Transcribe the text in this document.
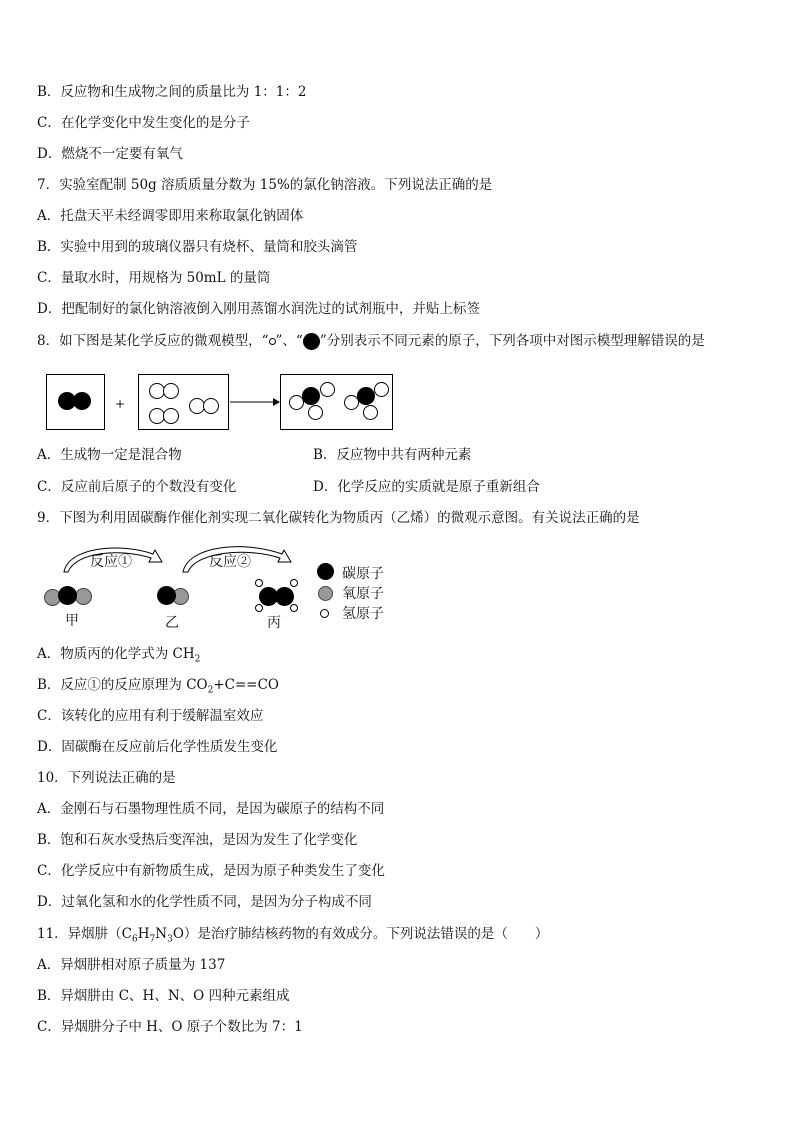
B．反应物和生成物之间的质量比为 1：1：2
C．在化学变化中发生变化的是分子
D．燃烧不一定要有氧气
7．实验室配制 50g 溶质质量分数为 15%的氯化钠溶液。下列说法正确的是
A．托盘天平未经调零即用来称取氯化钠固体
B．实验中用到的玻璃仪器只有烧杯、量筒和胶头滴管
C．量取水时，用规格为 50mL 的量筒
D．把配制好的氯化钠溶液倒入刚用蒸馏水润洗过的试剂瓶中，并贴上标签
8．如下图是某化学反应的微观模型，“ ”、“ ”分别表示不同元素的原子，下列各项中对图示模型理解错误的是
+
A．生成物一定是混合物	B．反应物中共有两种元素
C．反应前后原子的个数没有变化	D．化学反应的实质就是原子重新组合
9．下图为利用固碳酶作催化剂实现二氧化碳转化为物质丙（乙烯）的微观示意图。有关说法正确的是
反应①	反应②
甲	乙	丙
碳原子
氧原子
氢原子
A．物质丙的化学式为 $CH_2$
B．反应①的反应原理为 $CO_2+C==CO$
C．该转化的应用有利于缓解温室效应
D．固碳酶在反应前后化学性质发生变化
10．下列说法正确的是
A．金刚石与石墨物理性质不同，是因为碳原子的结构不同
B．饱和石灰水受热后变浑浊，是因为发生了化学变化
C．化学反应中有新物质生成，是因为原子种类发生了变化
D．过氧化氢和水的化学性质不同，是因为分子构成不同
11．异烟肼$(C_6H_7N_3O)$是治疗肺结核药物的有效成分。下列说法错误的是（　　）
A．异烟肼相对原子质量为 137
B．异烟肼由 C、H、N、O 四种元素组成
C．异烟肼分子中 H、O 原子个数比为 7：1
